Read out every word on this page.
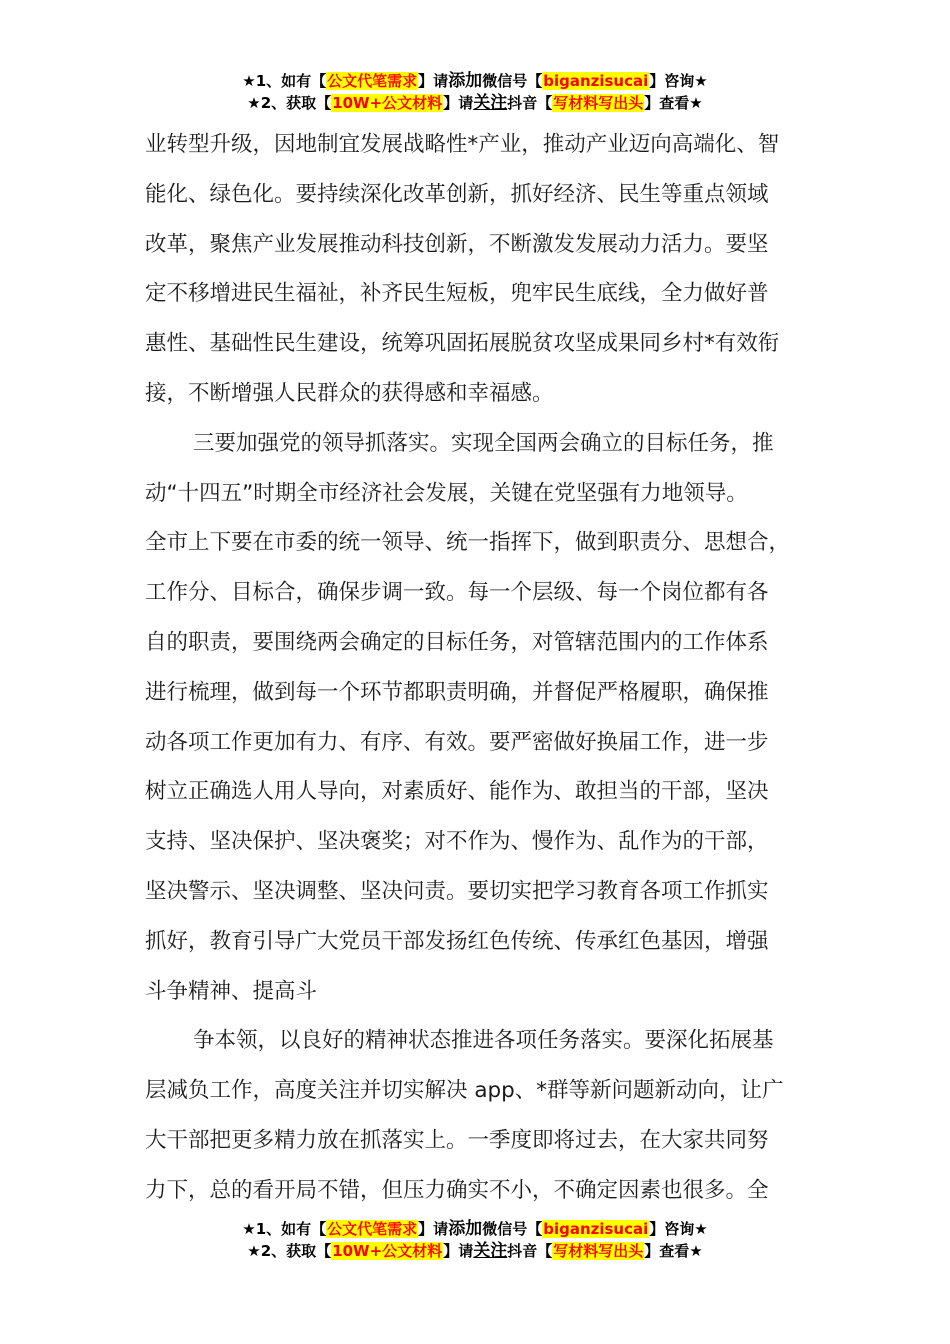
★1、如有【公文代笔需求】请添加微信号【biganzisucai】咨询★
★2、获取【10W+公文材料】请关注抖音【写材料写出头】查看★
业转型升级，因地制宜发展战略性*产业，推动产业迈向高端化、智
能化、绿色化。要持续深化改革创新，抓好经济、民生等重点领域
改革，聚焦产业发展推动科技创新，不断激发发展动力活力。要坚
定不移增进民生福祉，补齐民生短板，兜牢民生底线，全力做好普
惠性、基础性民生建设，统筹巩固拓展脱贫攻坚成果同乡村*有效衔
接，不断增强人民群众的获得感和幸福感。
三要加强党的领导抓落实。实现全国两会确立的目标任务，推
动“十四五”时期全市经济社会发展，关键在党坚强有力地领导。
全市上下要在市委的统一领导、统一指挥下，做到职责分、思想合，
工作分、目标合，确保步调一致。每一个层级、每一个岗位都有各
自的职责，要围绕两会确定的目标任务，对管辖范围内的工作体系
进行梳理，做到每一个环节都职责明确，并督促严格履职，确保推
动各项工作更加有力、有序、有效。要严密做好换届工作，进一步
树立正确选人用人导向，对素质好、能作为、敢担当的干部，坚决
支持、坚决保护、坚决褒奖；对不作为、慢作为、乱作为的干部，
坚决警示、坚决调整、坚决问责。要切实把学习教育各项工作抓实
抓好，教育引导广大党员干部发扬红色传统、传承红色基因，增强
斗争精神、提高斗
争本领，以良好的精神状态推进各项任务落实。要深化拓展基
层减负工作，高度关注并切实解决 app、*群等新问题新动向，让广
大干部把更多精力放在抓落实上。一季度即将过去，在大家共同努
力下，总的看开局不错，但压力确实不小，不确定因素也很多。全
★1、如有【公文代笔需求】请添加微信号【biganzisucai】咨询★
★2、获取【10W+公文材料】请关注抖音【写材料写出头】查看★
